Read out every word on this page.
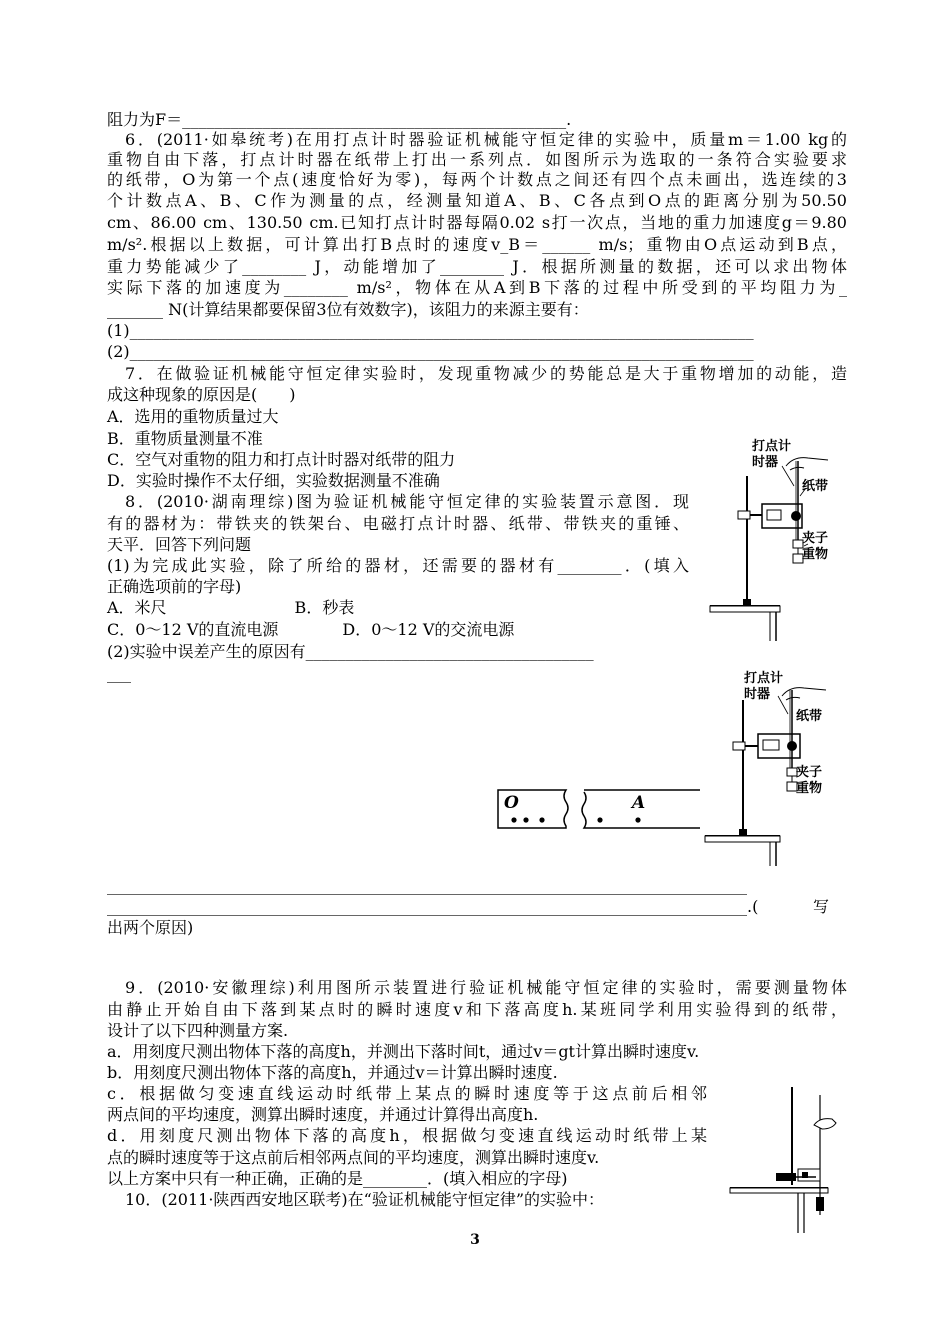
阻力为F＝________________________________________________.
6．(2011·如皋统考)在用打点计时器验证机械能守恒定律的实验中，质量m＝1.00 kg的
重物自由下落，打点计时器在纸带上打出一系列点．如图所示为选取的一条符合实验要求
的纸带，O为第一个点(速度恰好为零)，每两个计数点之间还有四个点未画出，选连续的3
个计数点A、B、C作为测量的点，经测量知道A、B、C各点到O点的距离分别为50.50
cm、86.00 cm、130.50 cm.已知打点计时器每隔0.02 s打一次点，当地的重力加速度g＝9.80
m/s².根据以上数据，可计算出打B点时的速度v_B＝______ m/s；重物由O点运动到B点，
重力势能减少了________ J，动能增加了________ J．根据所测量的数据，还可以求出物体
实际下落的加速度为________ m/s²，物体在从A到B下落的过程中所受到的平均阻力为_
_______ N(计算结果都要保留3位有效数字)，该阻力的来源主要有：
(1)______________________________________________________________________________
(2)______________________________________________________________________________
7．在做验证机械能守恒定律实验时，发现重物减少的势能总是大于重物增加的动能，造
成这种现象的原因是(　　)
A．选用的重物质量过大
B．重物质量测量不准
C．空气对重物的阻力和打点计时器对纸带的阻力
D．实验时操作不太仔细，实验数据测量不准确
8．(2010·湖南理综)图为验证机械能守恒定律的实验装置示意图．现
有的器材为：带铁夹的铁架台、电磁打点计时器、纸带、带铁夹的重锤、
天平．回答下列问题
(1)为完成此实验，除了所给的器材，还需要的器材有________．(填入
正确选项前的字母)
A．米尺　　　　　　　　B．秒表
C．0～12 V的直流电源　　　　D．0～12 V的交流电源
(2)实验中误差产生的原因有____________________________________
___
________________________________________________________________________________
________________________________________________________________________________.(写
出两个原因)
9．(2010·安徽理综)利用图所示装置进行验证机械能守恒定律的实验时，需要测量物体
由静止开始自由下落到某点时的瞬时速度v和下落高度h.某班同学利用实验得到的纸带，
设计了以下四种测量方案.
a．用刻度尺测出物体下落的高度h，并测出下落时间t，通过v＝gt计算出瞬时速度v.
b．用刻度尺测出物体下落的高度h，并通过v＝计算出瞬时速度.
c．根据做匀变速直线运动时纸带上某点的瞬时速度等于这点前后相邻
两点间的平均速度，测算出瞬时速度，并通过计算得出高度h.
d．用刻度尺测出物体下落的高度h，根据做匀变速直线运动时纸带上某
点的瞬时速度等于这点前后相邻两点间的平均速度，测算出瞬时速度v.
以上方案中只有一种正确，正确的是________．(填入相应的字母)
10．(2011·陕西西安地区联考)在“验证机械能守恒定律”的实验中：
打点计
时器
纸带
夹子
重物
打点计
时器
纸带
夹子
重物
O	A
3
